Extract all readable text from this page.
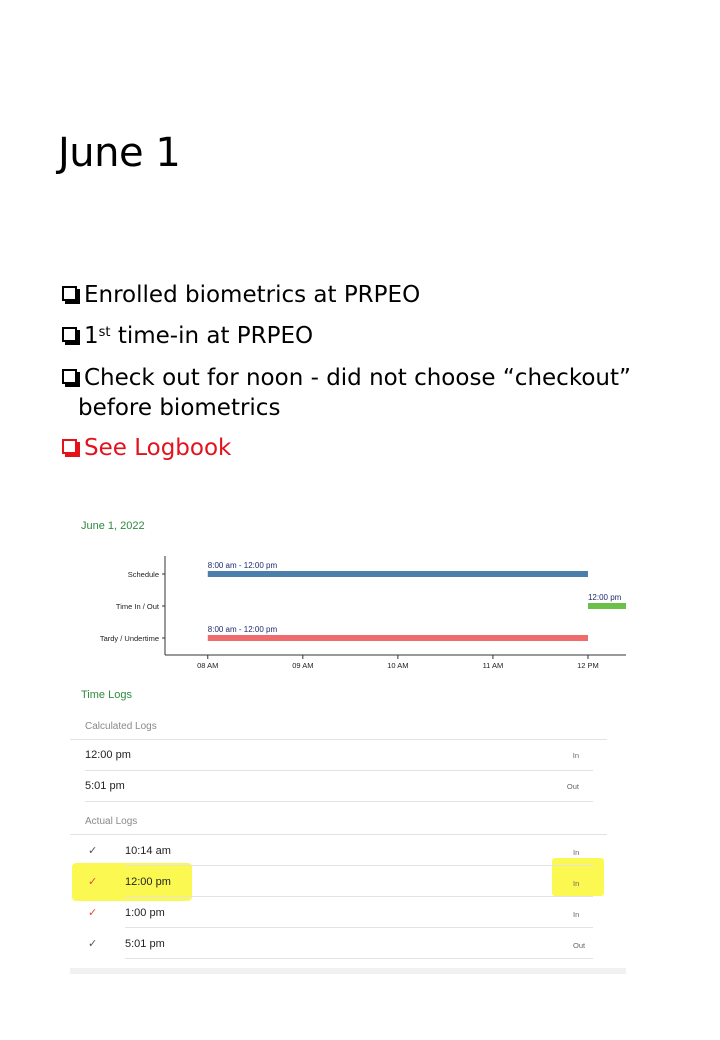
June 1

Enrolled biometrics at PRPEO

1st time-in at PRPEO

Check out for noon - did not choose “checkout”
before biometrics

See Logbook

June 1, 2022
Schedule
Time In / Out
Tardy / Undertime
08 AM	09 AM	10 AM	11 AM	12 PM
8:00 am - 12:00 pm
12:00 pm
8:00 am - 12:00 pm
Time Logs
Calculated Logs
12:00 pm	In
5:01 pm	Out
Actual Logs
✓	10:14 am	In
✓	12:00 pm	In
✓	1:00 pm	In
✓	5:01 pm	Out
